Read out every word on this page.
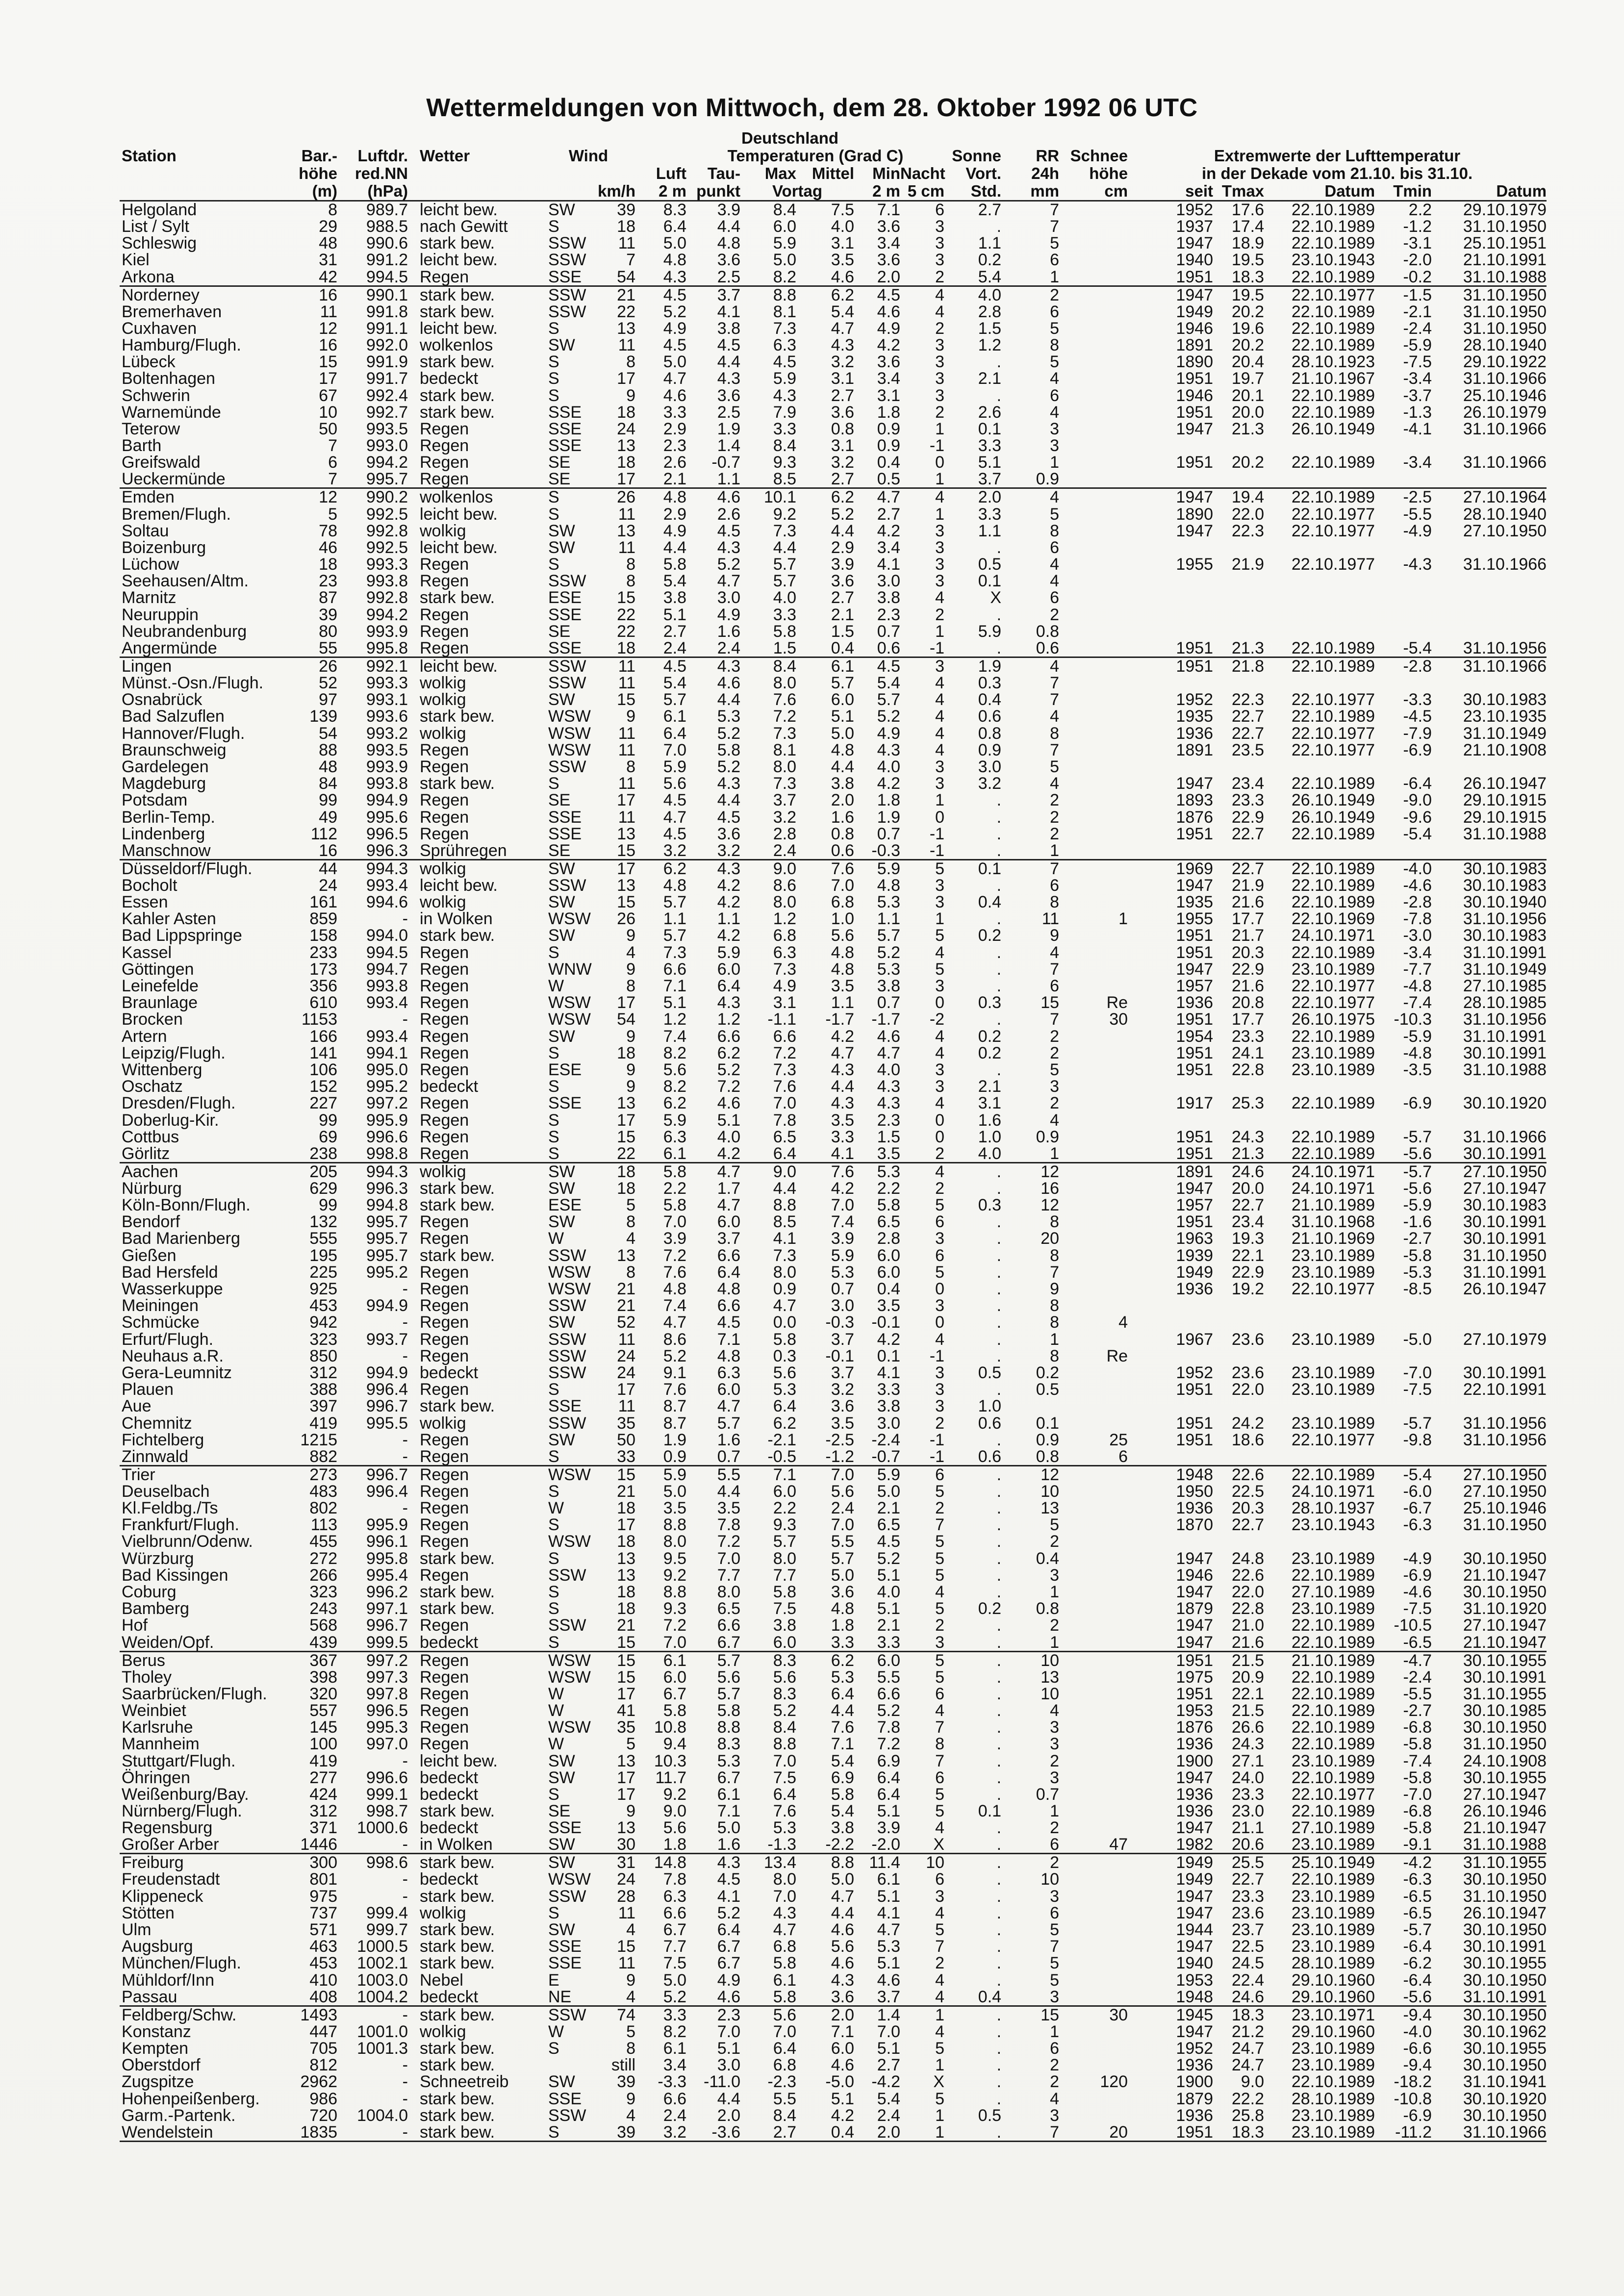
Wettermeldungen von Mittwoch, dem 28. Oktober 1992 06 UTC
						Deutschland													
Station	Bar.-	Luftdr.	Wetter	Wind			Temperaturen (Grad C)					Sonne	RR	Schnee	Extremwerte der Lufttemperatur				
	höhe	red.NN				Luft	Tau-	Max	Mittel	Min	Nacht	Vort.	24h	höhe	in der Dekade vom 21.10. bis 31.10.				
	(m)	(hPa)			km/h	2 m	punkt	Vortag		2 m	5 cm	Std.	mm	cm	seit	Tmax	Datum	Tmin	Datum
Helgoland	8	989.7	leicht bew.	SW	39	8.3	3.9	8.4	7.5	7.1	6	2.7	7		1952	17.6	22.10.1989	2.2	29.10.1979
List / Sylt	29	988.5	nach Gewitt	S	18	6.4	4.4	6.0	4.0	3.6	3	.	7		1937	17.4	22.10.1989	-1.2	31.10.1950
Schleswig	48	990.6	stark bew.	SSW	11	5.0	4.8	5.9	3.1	3.4	3	1.1	5		1947	18.9	22.10.1989	-3.1	25.10.1951
Kiel	31	991.2	leicht bew.	SSW	7	4.8	3.6	5.0	3.5	3.6	3	0.2	6		1940	19.5	23.10.1943	-2.0	21.10.1991
Arkona	42	994.5	Regen	SSE	54	4.3	2.5	8.2	4.6	2.0	2	5.4	1		1951	18.3	22.10.1989	-0.2	31.10.1988
Norderney	16	990.1	stark bew.	SSW	21	4.5	3.7	8.8	6.2	4.5	4	4.0	2		1947	19.5	22.10.1977	-1.5	31.10.1950
Bremerhaven	11	991.8	stark bew.	SSW	22	5.2	4.1	8.1	5.4	4.6	4	2.8	6		1949	20.2	22.10.1989	-2.1	31.10.1950
Cuxhaven	12	991.1	leicht bew.	S	13	4.9	3.8	7.3	4.7	4.9	2	1.5	5		1946	19.6	22.10.1989	-2.4	31.10.1950
Hamburg/Flugh.	16	992.0	wolkenlos	SW	11	4.5	4.5	6.3	4.3	4.2	3	1.2	8		1891	20.2	22.10.1989	-5.9	28.10.1940
Lübeck	15	991.9	stark bew.	S	8	5.0	4.4	4.5	3.2	3.6	3	.	5		1890	20.4	28.10.1923	-7.5	29.10.1922
Boltenhagen	17	991.7	bedeckt	S	17	4.7	4.3	5.9	3.1	3.4	3	2.1	4		1951	19.7	21.10.1967	-3.4	31.10.1966
Schwerin	67	992.4	stark bew.	S	9	4.6	3.6	4.3	2.7	3.1	3	.	6		1946	20.1	22.10.1989	-3.7	25.10.1946
Warnemünde	10	992.7	stark bew.	SSE	18	3.3	2.5	7.9	3.6	1.8	2	2.6	4		1951	20.0	22.10.1989	-1.3	26.10.1979
Teterow	50	993.5	Regen	SSE	24	2.9	1.9	3.3	0.8	0.9	1	0.1	3		1947	21.3	26.10.1949	-4.1	31.10.1966
Barth	7	993.0	Regen	SSE	13	2.3	1.4	8.4	3.1	0.9	-1	3.3	3						
Greifswald	6	994.2	Regen	SE	18	2.6	-0.7	9.3	3.2	0.4	0	5.1	1		1951	20.2	22.10.1989	-3.4	31.10.1966
Ueckermünde	7	995.7	Regen	SE	17	2.1	1.1	8.5	2.7	0.5	1	3.7	0.9						
Emden	12	990.2	wolkenlos	S	26	4.8	4.6	10.1	6.2	4.7	4	2.0	4		1947	19.4	22.10.1989	-2.5	27.10.1964
Bremen/Flugh.	5	992.5	leicht bew.	S	11	2.9	2.6	9.2	5.2	2.7	1	3.3	5		1890	22.0	22.10.1977	-5.5	28.10.1940
Soltau	78	992.8	wolkig	SW	13	4.9	4.5	7.3	4.4	4.2	3	1.1	8		1947	22.3	22.10.1977	-4.9	27.10.1950
Boizenburg	46	992.5	leicht bew.	SW	11	4.4	4.3	4.4	2.9	3.4	3	.	6						
Lüchow	18	993.3	Regen	S	8	5.8	5.2	5.7	3.9	4.1	3	0.5	4		1955	21.9	22.10.1977	-4.3	31.10.1966
Seehausen/Altm.	23	993.8	Regen	SSW	8	5.4	4.7	5.7	3.6	3.0	3	0.1	4						
Marnitz	87	992.8	stark bew.	ESE	15	3.8	3.0	4.0	2.7	3.8	4	X	6						
Neuruppin	39	994.2	Regen	SSE	22	5.1	4.9	3.3	2.1	2.3	2	.	2						
Neubrandenburg	80	993.9	Regen	SE	22	2.7	1.6	5.8	1.5	0.7	1	5.9	0.8						
Angermünde	55	995.8	Regen	SSE	18	2.4	2.4	1.5	0.4	0.6	-1	.	0.6		1951	21.3	22.10.1989	-5.4	31.10.1956
Lingen	26	992.1	leicht bew.	SSW	11	4.5	4.3	8.4	6.1	4.5	3	1.9	4		1951	21.8	22.10.1989	-2.8	31.10.1966
Münst.-Osn./Flugh.	52	993.3	wolkig	SSW	11	5.4	4.6	8.0	5.7	5.4	4	0.3	7						
Osnabrück	97	993.1	wolkig	SW	15	5.7	4.4	7.6	6.0	5.7	4	0.4	7		1952	22.3	22.10.1977	-3.3	30.10.1983
Bad Salzuflen	139	993.6	stark bew.	WSW	9	6.1	5.3	7.2	5.1	5.2	4	0.6	4		1935	22.7	22.10.1989	-4.5	23.10.1935
Hannover/Flugh.	54	993.2	wolkig	WSW	11	6.4	5.2	7.3	5.0	4.9	4	0.8	8		1936	22.7	22.10.1977	-7.9	31.10.1949
Braunschweig	88	993.5	Regen	WSW	11	7.0	5.8	8.1	4.8	4.3	4	0.9	7		1891	23.5	22.10.1977	-6.9	21.10.1908
Gardelegen	48	993.9	Regen	SSW	8	5.9	5.2	8.0	4.4	4.0	3	3.0	5						
Magdeburg	84	993.8	stark bew.	S	11	5.6	4.3	7.3	3.8	4.2	3	3.2	4		1947	23.4	22.10.1989	-6.4	26.10.1947
Potsdam	99	994.9	Regen	SE	17	4.5	4.4	3.7	2.0	1.8	1	.	2		1893	23.3	26.10.1949	-9.0	29.10.1915
Berlin-Temp.	49	995.6	Regen	SSE	11	4.7	4.5	3.2	1.6	1.9	0	.	2		1876	22.9	26.10.1949	-9.6	29.10.1915
Lindenberg	112	996.5	Regen	SSE	13	4.5	3.6	2.8	0.8	0.7	-1	.	2		1951	22.7	22.10.1989	-5.4	31.10.1988
Manschnow	16	996.3	Sprühregen	SE	15	3.2	3.2	2.4	0.6	-0.3	-1	.	1						
Düsseldorf/Flugh.	44	994.3	wolkig	SW	17	6.2	4.3	9.0	7.6	5.9	5	0.1	7		1969	22.7	22.10.1989	-4.0	30.10.1983
Bocholt	24	993.4	leicht bew.	SSW	13	4.8	4.2	8.6	7.0	4.8	3	.	6		1947	21.9	22.10.1989	-4.6	30.10.1983
Essen	161	994.6	wolkig	SW	15	5.7	4.2	8.0	6.8	5.3	3	0.4	8		1935	21.6	22.10.1989	-2.8	30.10.1940
Kahler Asten	859	-	in Wolken	WSW	26	1.1	1.1	1.2	1.0	1.1	1	.	11	1	1955	17.7	22.10.1969	-7.8	31.10.1956
Bad Lippspringe	158	994.0	stark bew.	SW	9	5.7	4.2	6.8	5.6	5.7	5	0.2	9		1951	21.7	24.10.1971	-3.0	30.10.1983
Kassel	233	994.5	Regen	S	4	7.3	5.9	6.3	4.8	5.2	4	.	4		1951	20.3	22.10.1989	-3.4	31.10.1991
Göttingen	173	994.7	Regen	WNW	9	6.6	6.0	7.3	4.8	5.3	5	.	7		1947	22.9	23.10.1989	-7.7	31.10.1949
Leinefelde	356	993.8	Regen	W	8	7.1	6.4	4.9	3.5	3.8	3	.	6		1957	21.6	22.10.1977	-4.8	27.10.1985
Braunlage	610	993.4	Regen	WSW	17	5.1	4.3	3.1	1.1	0.7	0	0.3	15	Re	1936	20.8	22.10.1977	-7.4	28.10.1985
Brocken	1153	-	Regen	WSW	54	1.2	1.2	-1.1	-1.7	-1.7	-2	.	7	30	1951	17.7	26.10.1975	-10.3	31.10.1956
Artern	166	993.4	Regen	SW	9	7.4	6.6	6.6	4.2	4.6	4	0.2	2		1954	23.3	22.10.1989	-5.9	31.10.1991
Leipzig/Flugh.	141	994.1	Regen	S	18	8.2	6.2	7.2	4.7	4.7	4	0.2	2		1951	24.1	23.10.1989	-4.8	30.10.1991
Wittenberg	106	995.0	Regen	ESE	9	5.6	5.2	7.3	4.3	4.0	3	.	5		1951	22.8	23.10.1989	-3.5	31.10.1988
Oschatz	152	995.2	bedeckt	S	9	8.2	7.2	7.6	4.4	4.3	3	2.1	3						
Dresden/Flugh.	227	997.2	Regen	SSE	13	6.2	4.6	7.0	4.3	4.3	4	3.1	2		1917	25.3	22.10.1989	-6.9	30.10.1920
Doberlug-Kir.	99	995.9	Regen	S	17	5.9	5.1	7.8	3.5	2.3	0	1.6	4						
Cottbus	69	996.6	Regen	S	15	6.3	4.0	6.5	3.3	1.5	0	1.0	0.9		1951	24.3	22.10.1989	-5.7	31.10.1966
Görlitz	238	998.8	Regen	S	22	6.1	4.2	6.4	4.1	3.5	2	4.0	1		1951	21.3	22.10.1989	-5.6	30.10.1991
Aachen	205	994.3	wolkig	SW	18	5.8	4.7	9.0	7.6	5.3	4	.	12		1891	24.6	24.10.1971	-5.7	27.10.1950
Nürburg	629	996.3	stark bew.	SW	18	2.2	1.7	4.4	4.2	2.2	2	.	16		1947	20.0	24.10.1971	-5.6	27.10.1947
Köln-Bonn/Flugh.	99	994.8	stark bew.	ESE	5	5.8	4.7	8.8	7.0	5.8	5	0.3	12		1957	22.7	21.10.1989	-5.9	30.10.1983
Bendorf	132	995.7	Regen	SW	8	7.0	6.0	8.5	7.4	6.5	6	.	8		1951	23.4	31.10.1968	-1.6	30.10.1991
Bad Marienberg	555	995.7	Regen	W	4	3.9	3.7	4.1	3.9	2.8	3	.	20		1963	19.3	21.10.1969	-2.7	30.10.1991
Gießen	195	995.7	stark bew.	SSW	13	7.2	6.6	7.3	5.9	6.0	6	.	8		1939	22.1	23.10.1989	-5.8	31.10.1950
Bad Hersfeld	225	995.2	Regen	WSW	8	7.6	6.4	8.0	5.3	6.0	5	.	7		1949	22.9	23.10.1989	-5.3	31.10.1991
Wasserkuppe	925	-	Regen	WSW	21	4.8	4.8	0.9	0.7	0.4	0	.	9		1936	19.2	22.10.1977	-8.5	26.10.1947
Meiningen	453	994.9	Regen	SSW	21	7.4	6.6	4.7	3.0	3.5	3	.	8						
Schmücke	942	-	Regen	SW	52	4.7	4.5	0.0	-0.3	-0.1	0	.	8	4					
Erfurt/Flugh.	323	993.7	Regen	SSW	11	8.6	7.1	5.8	3.7	4.2	4	.	1		1967	23.6	23.10.1989	-5.0	27.10.1979
Neuhaus a.R.	850	-	Regen	SSW	24	5.2	4.8	0.3	-0.1	0.1	-1	.	8	Re					
Gera-Leumnitz	312	994.9	bedeckt	SSW	24	9.1	6.3	5.6	3.7	4.1	3	0.5	0.2		1952	23.6	23.10.1989	-7.0	30.10.1991
Plauen	388	996.4	Regen	S	17	7.6	6.0	5.3	3.2	3.3	3	.	0.5		1951	22.0	23.10.1989	-7.5	22.10.1991
Aue	397	996.7	stark bew.	SSE	11	8.7	4.7	6.4	3.6	3.8	3	1.0							
Chemnitz	419	995.5	wolkig	SSW	35	8.7	5.7	6.2	3.5	3.0	2	0.6	0.1		1951	24.2	23.10.1989	-5.7	31.10.1956
Fichtelberg	1215	-	Regen	SW	50	1.9	1.6	-2.1	-2.5	-2.4	-1	.	0.9	25	1951	18.6	22.10.1977	-9.8	31.10.1956
Zinnwald	882	-	Regen	S	33	0.9	0.7	-0.5	-1.2	-0.7	-1	0.6	0.8	6					
Trier	273	996.7	Regen	WSW	15	5.9	5.5	7.1	7.0	5.9	6	.	12		1948	22.6	22.10.1989	-5.4	27.10.1950
Deuselbach	483	996.4	Regen	S	21	5.0	4.4	6.0	5.6	5.0	5	.	10		1950	22.5	24.10.1971	-6.0	27.10.1950
Kl.Feldbg./Ts	802	-	Regen	W	18	3.5	3.5	2.2	2.4	2.1	2	.	13		1936	20.3	28.10.1937	-6.7	25.10.1946
Frankfurt/Flugh.	113	995.9	Regen	S	17	8.8	7.8	9.3	7.0	6.5	7	.	5		1870	22.7	23.10.1943	-6.3	31.10.1950
Vielbrunn/Odenw.	455	996.1	Regen	WSW	18	8.0	7.2	5.7	5.5	4.5	5	.	2						
Würzburg	272	995.8	stark bew.	S	13	9.5	7.0	8.0	5.7	5.2	5	.	0.4		1947	24.8	23.10.1989	-4.9	30.10.1950
Bad Kissingen	266	995.4	Regen	SSW	13	9.2	7.7	7.7	5.0	5.1	5	.	3		1946	22.6	22.10.1989	-6.9	21.10.1947
Coburg	323	996.2	stark bew.	S	18	8.8	8.0	5.8	3.6	4.0	4	.	1		1947	22.0	27.10.1989	-4.6	30.10.1950
Bamberg	243	997.1	stark bew.	S	18	9.3	6.5	7.5	4.8	5.1	5	0.2	0.8		1879	22.8	23.10.1989	-7.5	31.10.1920
Hof	568	996.7	Regen	SSW	21	7.2	6.6	3.8	1.8	2.1	2	.	2		1947	21.0	22.10.1989	-10.5	27.10.1947
Weiden/Opf.	439	999.5	bedeckt	S	15	7.0	6.7	6.0	3.3	3.3	3	.	1		1947	21.6	22.10.1989	-6.5	21.10.1947
Berus	367	997.2	Regen	WSW	15	6.1	5.7	8.3	6.2	6.0	5	.	10		1951	21.5	21.10.1989	-4.7	30.10.1955
Tholey	398	997.3	Regen	WSW	15	6.0	5.6	5.6	5.3	5.5	5	.	13		1975	20.9	22.10.1989	-2.4	30.10.1991
Saarbrücken/Flugh.	320	997.8	Regen	W	17	6.7	5.7	8.3	6.4	6.6	6	.	10		1951	22.1	22.10.1989	-5.5	31.10.1955
Weinbiet	557	996.5	Regen	W	41	5.8	5.8	5.2	4.4	5.2	4	.	4		1953	21.5	22.10.1989	-2.7	30.10.1985
Karlsruhe	145	995.3	Regen	WSW	35	10.8	8.8	8.4	7.6	7.8	7	.	3		1876	26.6	22.10.1989	-6.8	30.10.1950
Mannheim	100	997.0	Regen	W	5	9.4	8.3	8.8	7.1	7.2	8	.	3		1936	24.3	22.10.1989	-5.8	31.10.1950
Stuttgart/Flugh.	419	-	leicht bew.	SW	13	10.3	5.3	7.0	5.4	6.9	7	.	2		1900	27.1	23.10.1989	-7.4	24.10.1908
Öhringen	277	996.6	bedeckt	SW	17	11.7	6.7	7.5	6.9	6.4	6	.	3		1947	24.0	22.10.1989	-5.8	30.10.1955
Weißenburg/Bay.	424	999.1	bedeckt	S	17	9.2	6.1	6.4	5.8	6.4	5	.	0.7		1936	23.3	22.10.1977	-7.0	27.10.1947
Nürnberg/Flugh.	312	998.7	stark bew.	SE	9	9.0	7.1	7.6	5.4	5.1	5	0.1	1		1936	23.0	22.10.1989	-6.8	26.10.1946
Regensburg	371	1000.6	bedeckt	SSE	13	5.6	5.0	5.3	3.8	3.9	4	.	2		1947	21.1	27.10.1989	-5.8	21.10.1947
Großer Arber	1446	-	in Wolken	SW	30	1.8	1.6	-1.3	-2.2	-2.0	X	.	6	47	1982	20.6	23.10.1989	-9.1	31.10.1988
Freiburg	300	998.6	stark bew.	SW	31	14.8	4.3	13.4	8.8	11.4	10	.	2		1949	25.5	25.10.1949	-4.2	31.10.1955
Freudenstadt	801	-	bedeckt	WSW	24	7.8	4.5	8.0	5.0	6.1	6	.	10		1949	22.7	22.10.1989	-6.3	30.10.1950
Klippeneck	975	-	stark bew.	SSW	28	6.3	4.1	7.0	4.7	5.1	3	.	3		1947	23.3	23.10.1989	-6.5	31.10.1950
Stötten	737	999.4	wolkig	S	11	6.6	5.2	4.3	4.4	4.1	4	.	6		1947	23.6	23.10.1989	-6.5	26.10.1947
Ulm	571	999.7	stark bew.	SW	4	6.7	6.4	4.7	4.6	4.7	5	.	5		1944	23.7	23.10.1989	-5.7	30.10.1950
Augsburg	463	1000.5	stark bew.	SSE	15	7.7	6.7	6.8	5.6	5.3	7	.	7		1947	22.5	23.10.1989	-6.4	30.10.1991
München/Flugh.	453	1002.1	stark bew.	SSE	11	7.5	6.7	5.8	4.6	5.1	2	.	5		1940	24.5	28.10.1989	-6.2	30.10.1955
Mühldorf/Inn	410	1003.0	Nebel	E	9	5.0	4.9	6.1	4.3	4.6	4	.	5		1953	22.4	29.10.1960	-6.4	30.10.1950
Passau	408	1004.2	bedeckt	NE	4	5.2	4.6	5.8	3.6	3.7	4	0.4	3		1948	24.6	29.10.1960	-5.6	31.10.1991
Feldberg/Schw.	1493	-	stark bew.	SSW	74	3.3	2.3	5.6	2.0	1.4	1	.	15	30	1945	18.3	23.10.1971	-9.4	30.10.1950
Konstanz	447	1001.0	wolkig	W	5	8.2	7.0	7.0	7.1	7.0	4	.	1		1947	21.2	29.10.1960	-4.0	30.10.1962
Kempten	705	1001.3	stark bew.	S	8	6.1	5.1	6.4	6.0	5.1	5	.	6		1952	24.7	23.10.1989	-6.6	30.10.1955
Oberstdorf	812	-	stark bew.		still	3.4	3.0	6.8	4.6	2.7	1	.	2		1936	24.7	23.10.1989	-9.4	30.10.1950
Zugspitze	2962	-	Schneetreib	SW	39	-3.3	-11.0	-2.3	-5.0	-4.2	X	.	2	120	1900	9.0	22.10.1989	-18.2	31.10.1941
Hohenpeißenberg.	986	-	stark bew.	SSE	9	6.6	4.4	5.5	5.1	5.4	5	.	4		1879	22.2	28.10.1989	-10.8	30.10.1920
Garm.-Partenk.	720	1004.0	stark bew.	SSW	4	2.4	2.0	8.4	4.2	2.4	1	0.5	3		1936	25.8	23.10.1989	-6.9	30.10.1950
Wendelstein	1835	-	stark bew.	S	39	3.2	-3.6	2.7	0.4	2.0	1	.	7	20	1951	18.3	23.10.1989	-11.2	31.10.1966
